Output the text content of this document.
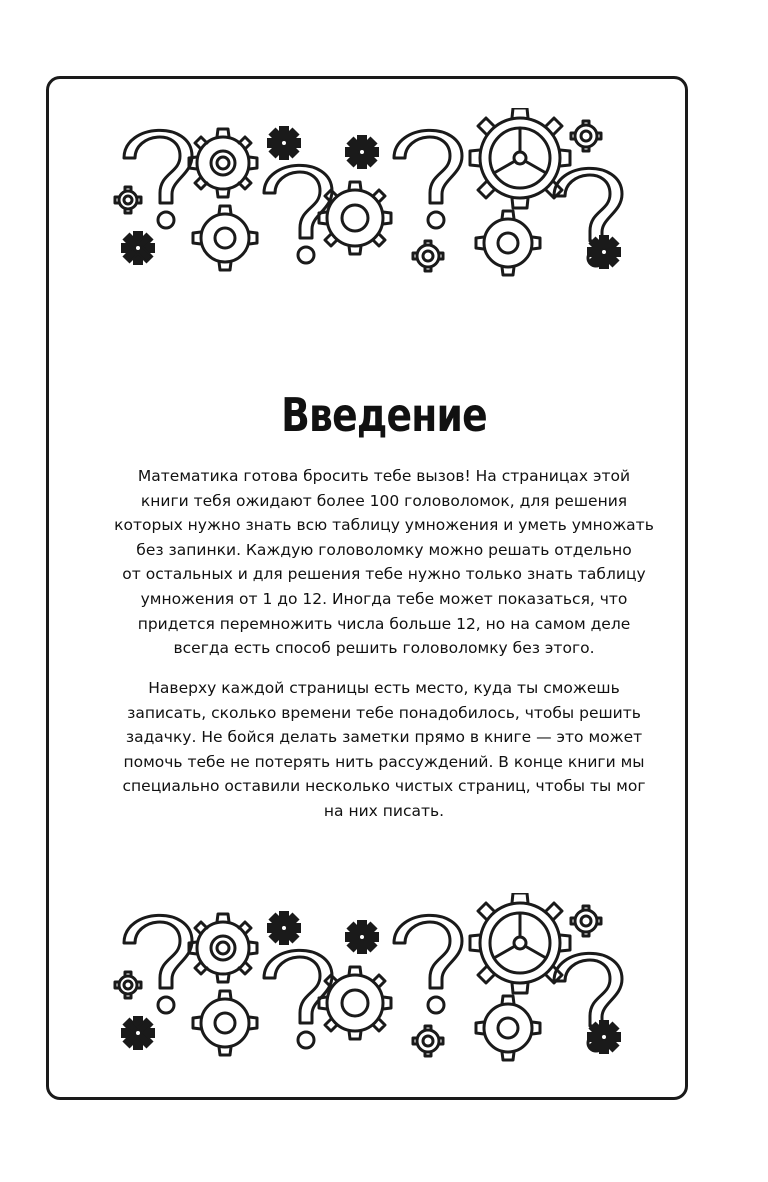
Введение

Математика готова бросить тебе вызов! На страницах этой
книги тебя ожидают более 100 головоломок, для решения
которых нужно знать всю таблицу умножения и уметь умножать
без запинки. Каждую головоломку можно решать отдельно
от остальных и для решения тебе нужно только знать таблицу
умножения от 1 до 12. Иногда тебе может показаться, что
придется перемножить числа больше 12, но на самом деле
всегда есть способ решить головоломку без этого.

Наверху каждой страницы есть место, куда ты сможешь
записать, сколько времени тебе понадобилось, чтобы решить
задачку. Не бойся делать заметки прямо в книге — это может
помочь тебе не потерять нить рассуждений. В конце книги мы
специально оставили несколько чистых страниц, чтобы ты мог
на них писать.
